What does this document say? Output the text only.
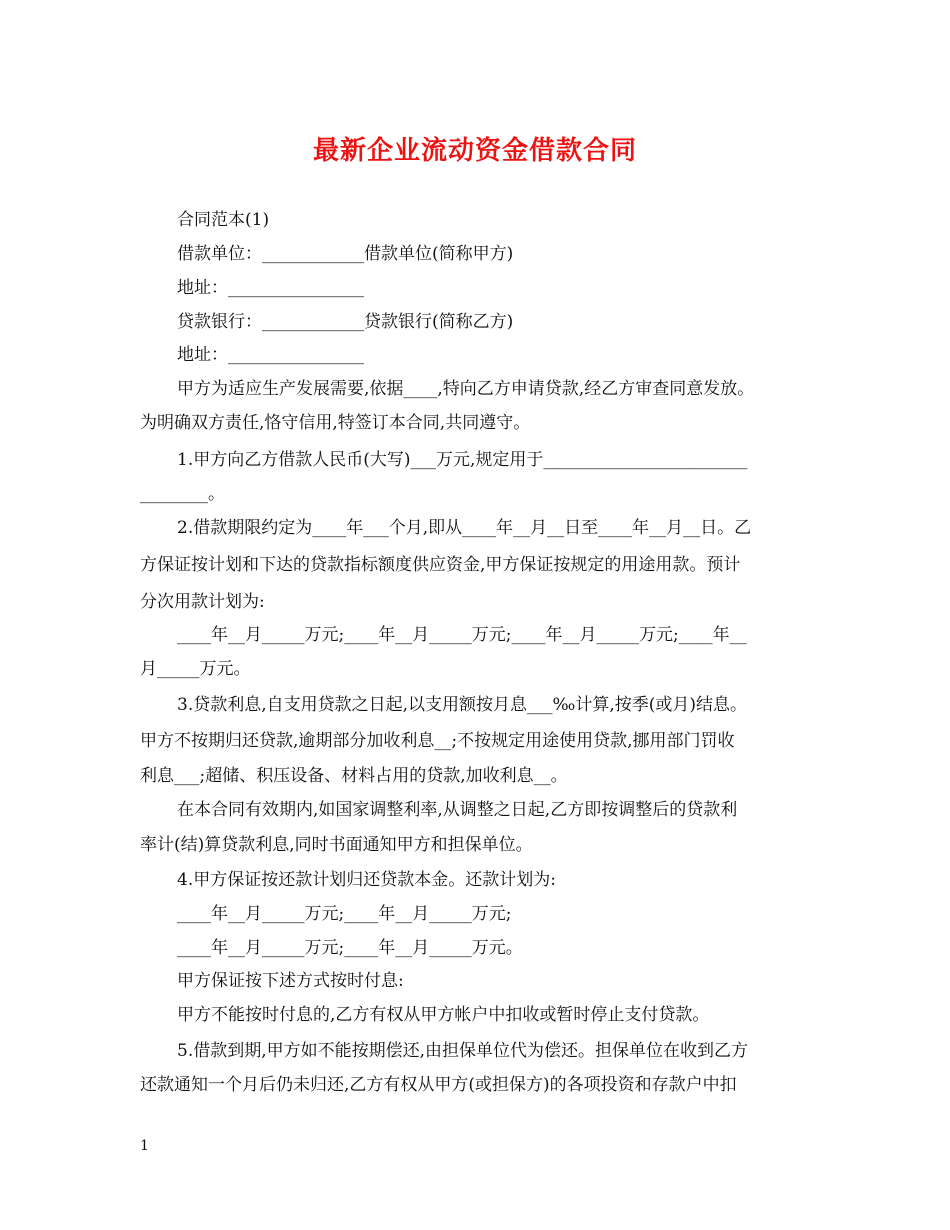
最新企业流动资金借款合同
合同范本(1)
借款单位：____________借款单位(简称甲方)
地址：________________
贷款银行：____________贷款银行(简称乙方)
地址：________________
甲方为适应生产发展需要,依据____,特向乙方申请贷款,经乙方审查同意发放。
为明确双方责任,恪守信用,特签订本合同,共同遵守。
1.甲方向乙方借款人民币(大写)___万元,规定用于________________________
________。
2.借款期限约定为____年___个月,即从____年__月__日至____年__月__日。乙
方保证按计划和下达的贷款指标额度供应资金,甲方保证按规定的用途用款。预计
分次用款计划为:
____年__月_____万元;____年__月_____万元;____年__月_____万元;____年__
月_____万元。
3.贷款利息,自支用贷款之日起,以支用额按月息___‰计算,按季(或月)结息。
甲方不按期归还贷款,逾期部分加收利息__;不按规定用途使用贷款,挪用部门罚收
利息___;超储、积压设备、材料占用的贷款,加收利息__。
在本合同有效期内,如国家调整利率,从调整之日起,乙方即按调整后的贷款利
率计(结)算贷款利息,同时书面通知甲方和担保单位。
4.甲方保证按还款计划归还贷款本金。还款计划为:
____年__月_____万元;____年__月_____万元;
____年__月_____万元;____年__月_____万元。
甲方保证按下述方式按时付息:
甲方不能按时付息的,乙方有权从甲方帐户中扣收或暂时停止支付贷款。
5.借款到期,甲方如不能按期偿还,由担保单位代为偿还。担保单位在收到乙方
还款通知一个月后仍未归还,乙方有权从甲方(或担保方)的各项投资和存款户中扣
1
